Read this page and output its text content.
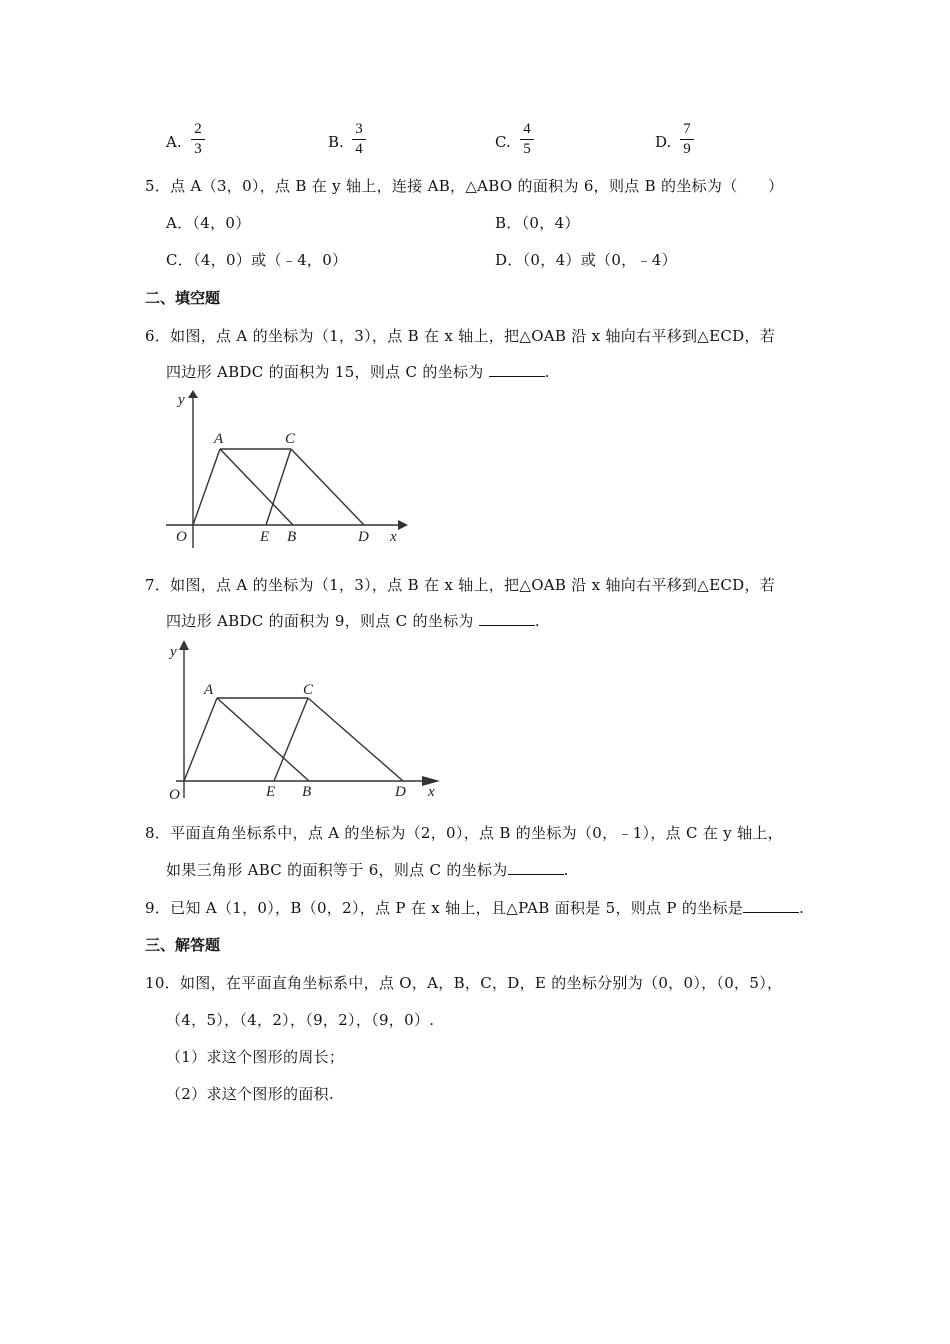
A.
2
3	B.
3
4	C.
4
5	D.
7
9
5．点 A（3，0），点 B 在 y 轴上，连接 AB，△ABO 的面积为 6，则点 B 的坐标为（　　）
A．（4，0）	B．（0，4）
C．（4，0）或（﹣4，0）	D．（0，4）或（0，﹣4）
二、填空题
6．如图，点 A 的坐标为（1，3），点 B 在 x 轴上，把△OAB 沿 x 轴向右平移到△ECD，若
四边形 ABDC 的面积为 15，则点 C 的坐标为	.
y
x
A	C
O	E B	D
7．如图，点 A 的坐标为（1，3），点 B 在 x 轴上，把△OAB 沿 x 轴向右平移到△ECD，若
四边形 ABDC 的面积为 9，则点 C 的坐标为	.
y
x
A	C
O	E B	D
8．平面直角坐标系中，点 A 的坐标为（2，0），点 B 的坐标为（0，﹣1），点 C 在 y 轴上，
如果三角形 ABC 的面积等于 6，则点 C 的坐标为	.
9．已知 A（1，0），B（0，2），点 P 在 x 轴上，且△PAB 面积是 5，则点 P 的坐标是	.
三、解答题
10．如图，在平面直角坐标系中，点 O，A，B，C，D，E 的坐标分别为（0，0），（0，5），
（4，5），（4，2），（9，2），（9，0）.
（1）求这个图形的周长；
（2）求这个图形的面积.
